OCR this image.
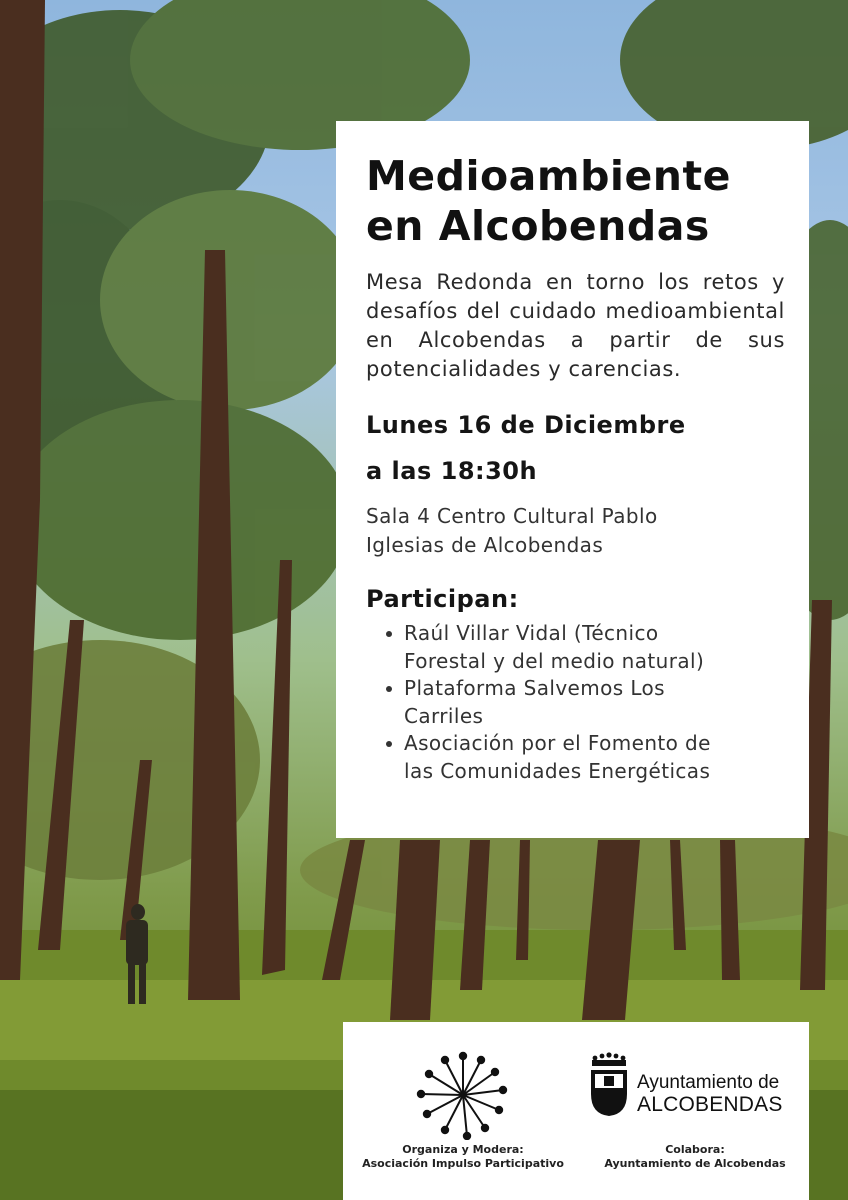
Medioambiente
en Alcobendas

Mesa Redonda en torno los retos y desafíos del cuidado medioambiental en Alcobendas a partir de sus potencialidades y carencias.

Lunes 16 de Diciembre
a las 18:30h
Sala 4 Centro Cultural Pablo
Iglesias de Alcobendas
Participan:
Raúl Villar Vidal (Técnico
Forestal y del medio natural)
Plataforma Salvemos Los
Carriles
Asociación por el Fomento de
las Comunidades Energéticas
Organiza y Modera:
Asociación Impulso Participativo
Ayuntamiento de
ALCOBENDAS
Colabora:
Ayuntamiento de Alcobendas
